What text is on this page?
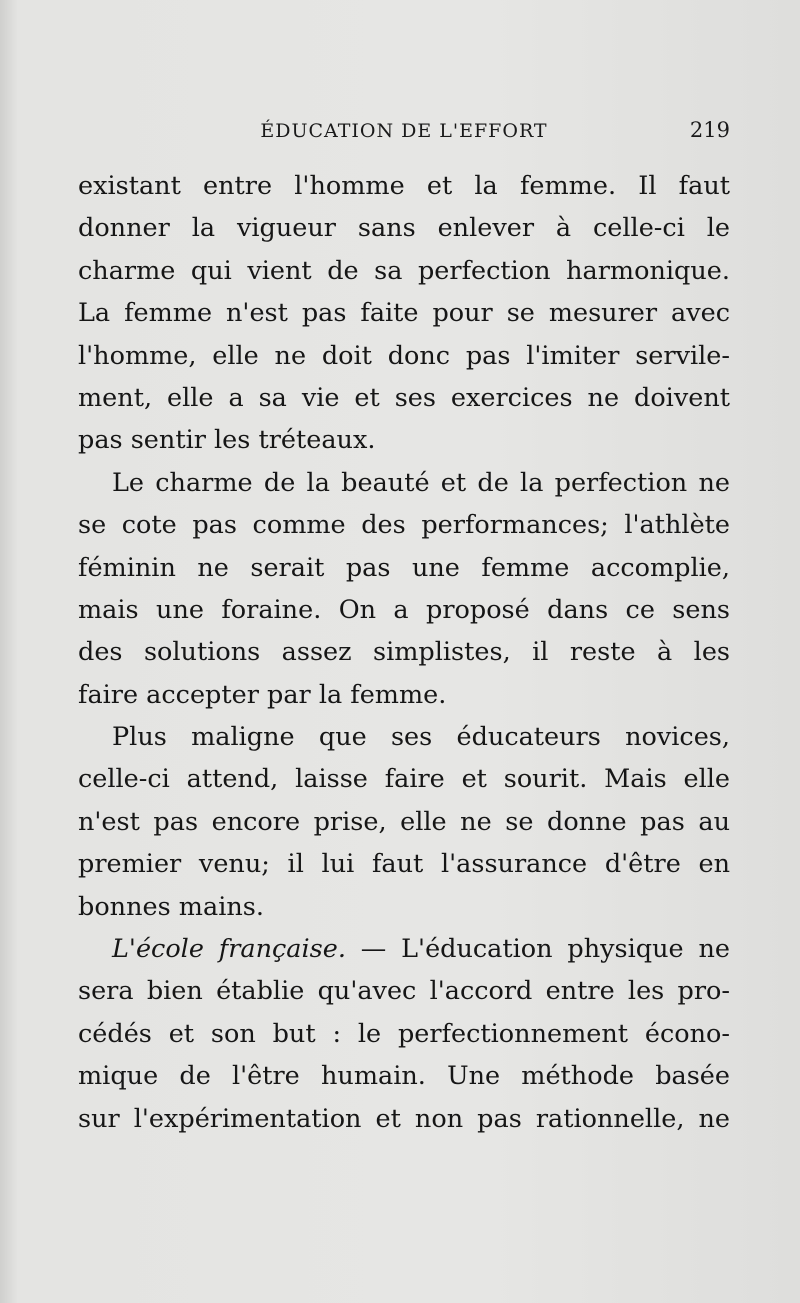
ÉDUCATION DE L'EFFORT	219
existant entre l'homme et la femme. Il faut
donner la vigueur sans enlever à celle-ci le
charme qui vient de sa perfection harmonique.
La femme n'est pas faite pour se mesurer avec
l'homme, elle ne doit donc pas l'imiter servile-
ment, elle a sa vie et ses exercices ne doivent
pas sentir les tréteaux.
Le charme de la beauté et de la perfection ne
se cote pas comme des performances; l'athlète
féminin ne serait pas une femme accomplie,
mais une foraine. On a proposé dans ce sens
des solutions assez simplistes, il reste à les
faire accepter par la femme.
Plus maligne que ses éducateurs novices,
celle-ci attend, laisse faire et sourit. Mais elle
n'est pas encore prise, elle ne se donne pas au
premier venu; il lui faut l'assurance d'être en
bonnes mains.
L'école française. — L'éducation physique ne
sera bien établie qu'avec l'accord entre les pro-
cédés et son but : le perfectionnement écono-
mique de l'être humain. Une méthode basée
sur l'expérimentation et non pas rationnelle, ne
